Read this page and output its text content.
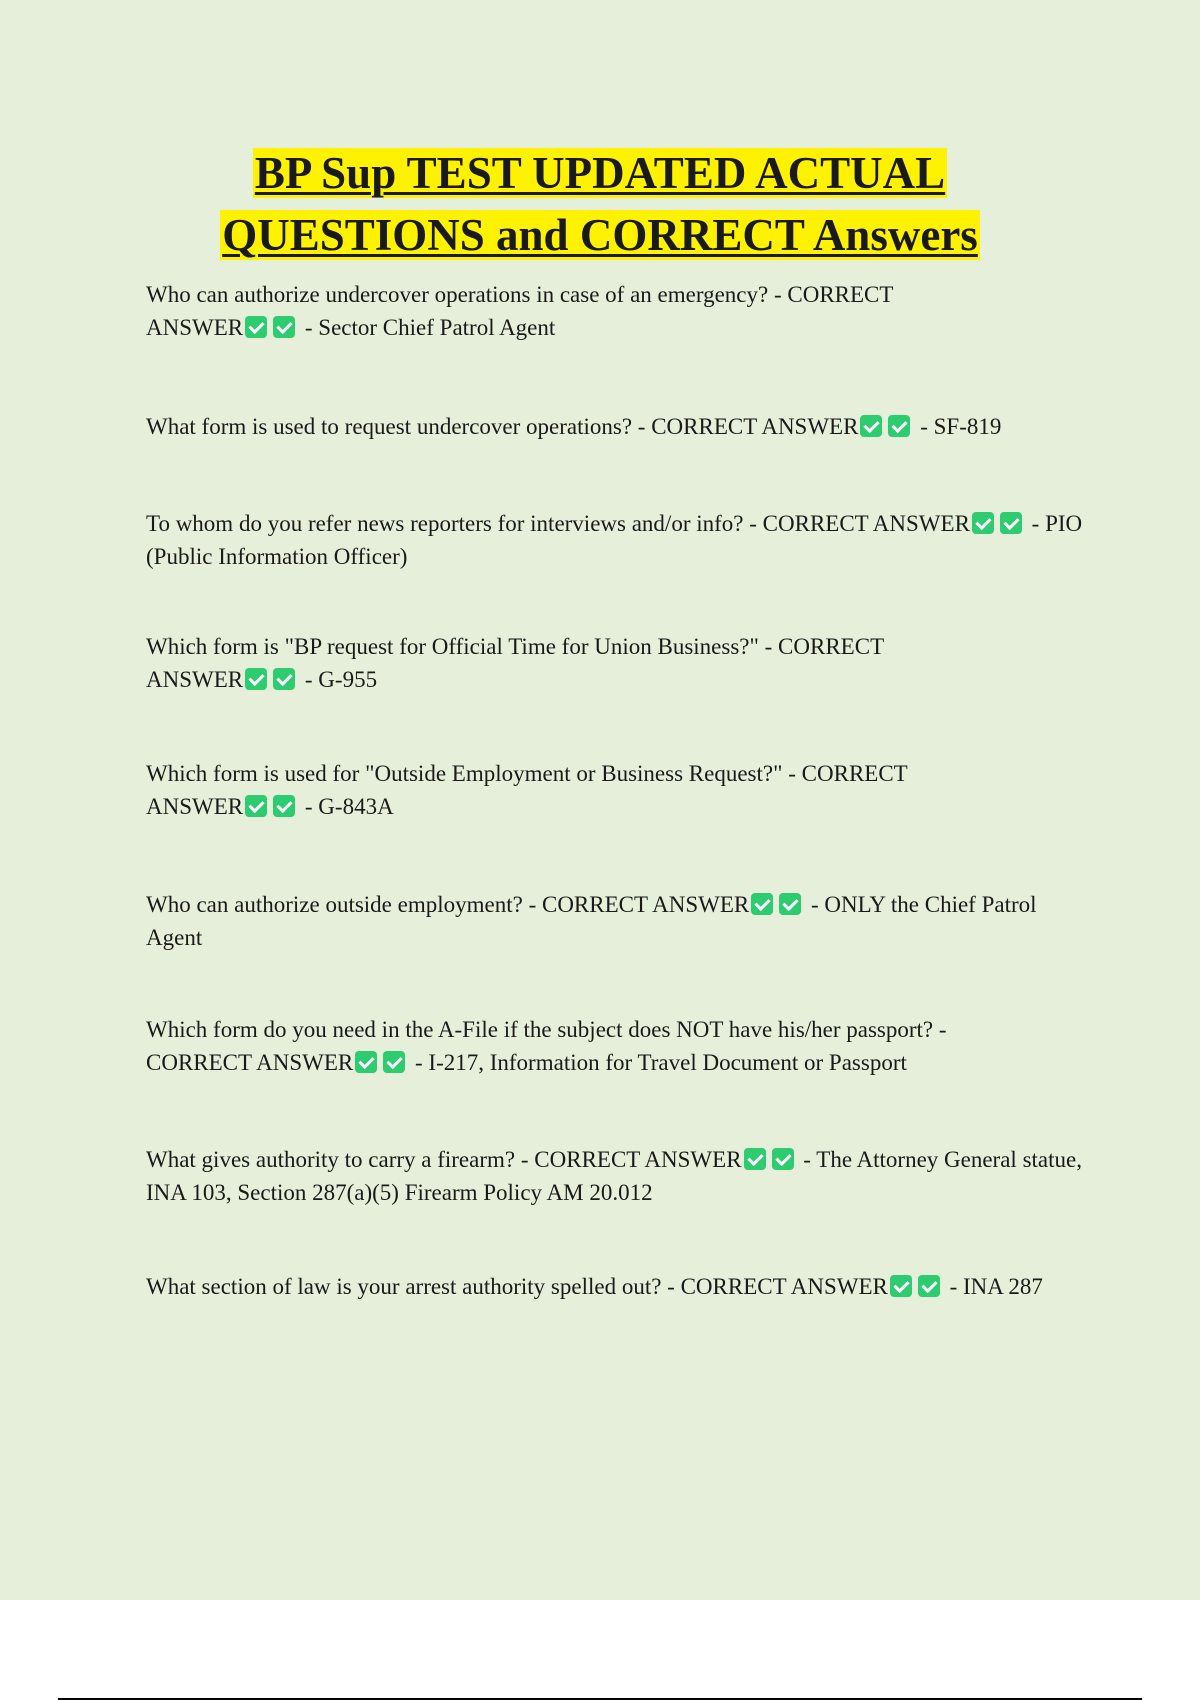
BP Sup TEST UPDATED ACTUAL
QUESTIONS and CORRECT Answers

Who can authorize undercover operations in case of an emergency? - CORRECT ANSWER - Sector Chief Patrol Agent

What form is used to request undercover operations? - CORRECT ANSWER - SF-819

To whom do you refer news reporters for interviews and/or info? - CORRECT ANSWER - PIO (Public Information Officer)

Which form is "BP request for Official Time for Union Business?" - CORRECT ANSWER - G-955

Which form is used for "Outside Employment or Business Request?" - CORRECT ANSWER - G-843A

Who can authorize outside employment? - CORRECT ANSWER - ONLY the Chief Patrol Agent

Which form do you need in the A-File if the subject does NOT have his/her passport? - CORRECT ANSWER - I-217, Information for Travel Document or Passport

What gives authority to carry a firearm? - CORRECT ANSWER - The Attorney General statue, INA 103, Section 287(a)(5) Firearm Policy AM 20.012

What section of law is your arrest authority spelled out? - CORRECT ANSWER - INA 287
